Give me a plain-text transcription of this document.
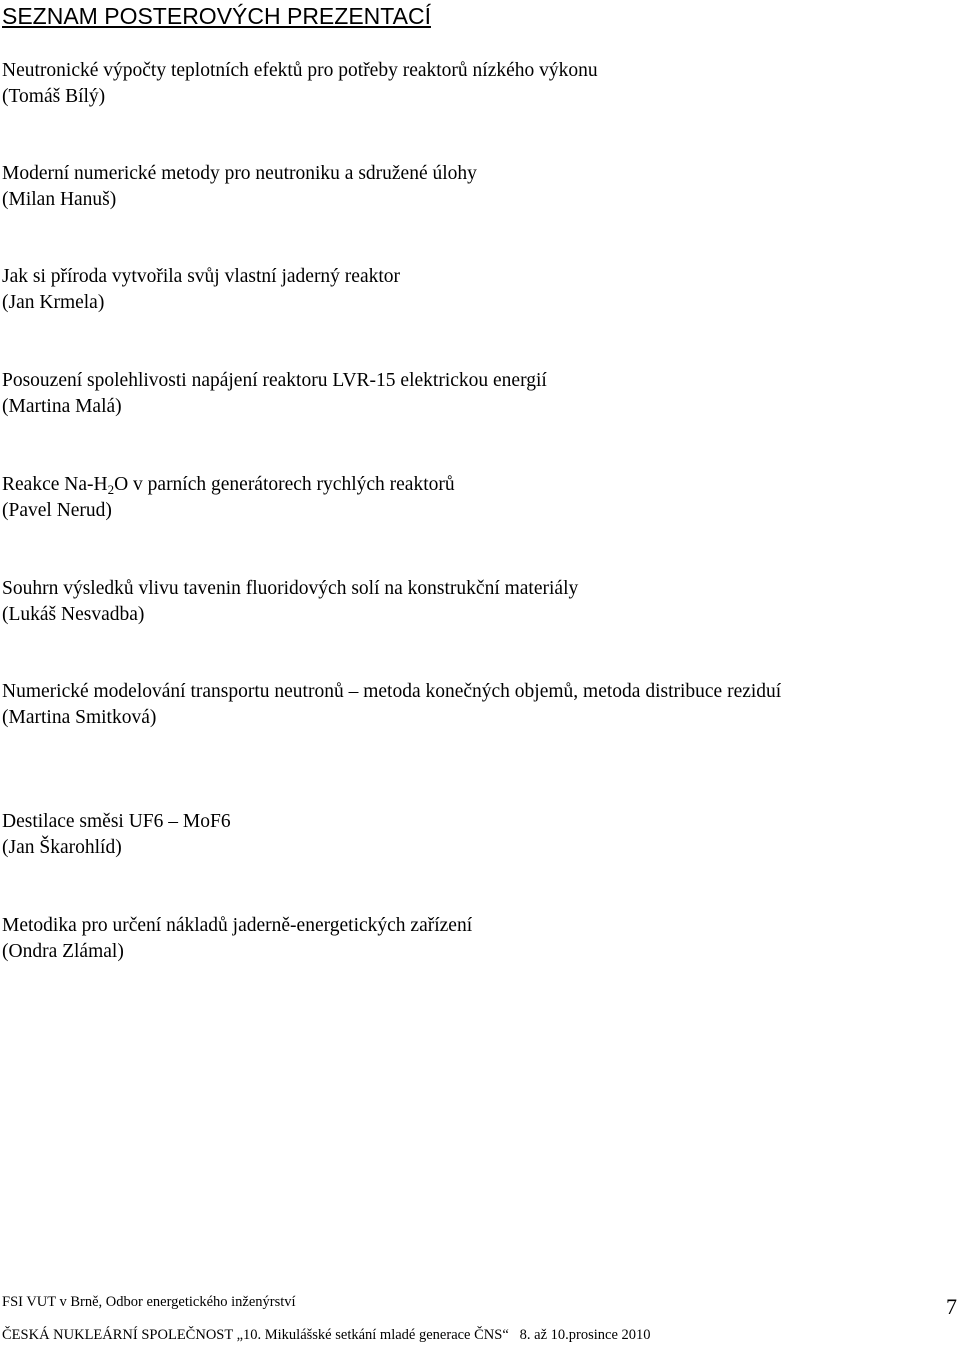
SEZNAM POSTEROVÝCH PREZENTACÍ
Neutronické výpočty teplotních efektů pro potřeby reaktorů nízkého výkonu
(Tomáš Bílý)
Moderní numerické metody pro neutroniku a sdružené úlohy
(Milan Hanuš)
Jak si příroda vytvořila svůj vlastní jaderný reaktor
(Jan Krmela)
Posouzení spolehlivosti napájení reaktoru LVR-15 elektrickou energií
(Martina Malá)
Reakce $Na-H_2O$ v parních generátorech rychlých reaktorů
(Pavel Nerud)
Souhrn výsledků vlivu tavenin fluoridových solí na konstrukční materiály
(Lukáš Nesvadba)
Numerické modelování transportu neutronů – metoda konečných objemů, metoda distribuce reziduí
(Martina Smitková)
Destilace směsi UF6 – MoF6
(Jan Škarohlíd)
Metodika pro určení nákladů jaderně-energetických zařízení
(Ondra Zlámal)
FSI VUT v Brně, Odbor energetického inženýrství
ČESKÁ NUKLEÁRNÍ SPOLEČNOST „10. Mikulášské setkání mladé generace ČNS“   8. až 10.prosince 2010
7
